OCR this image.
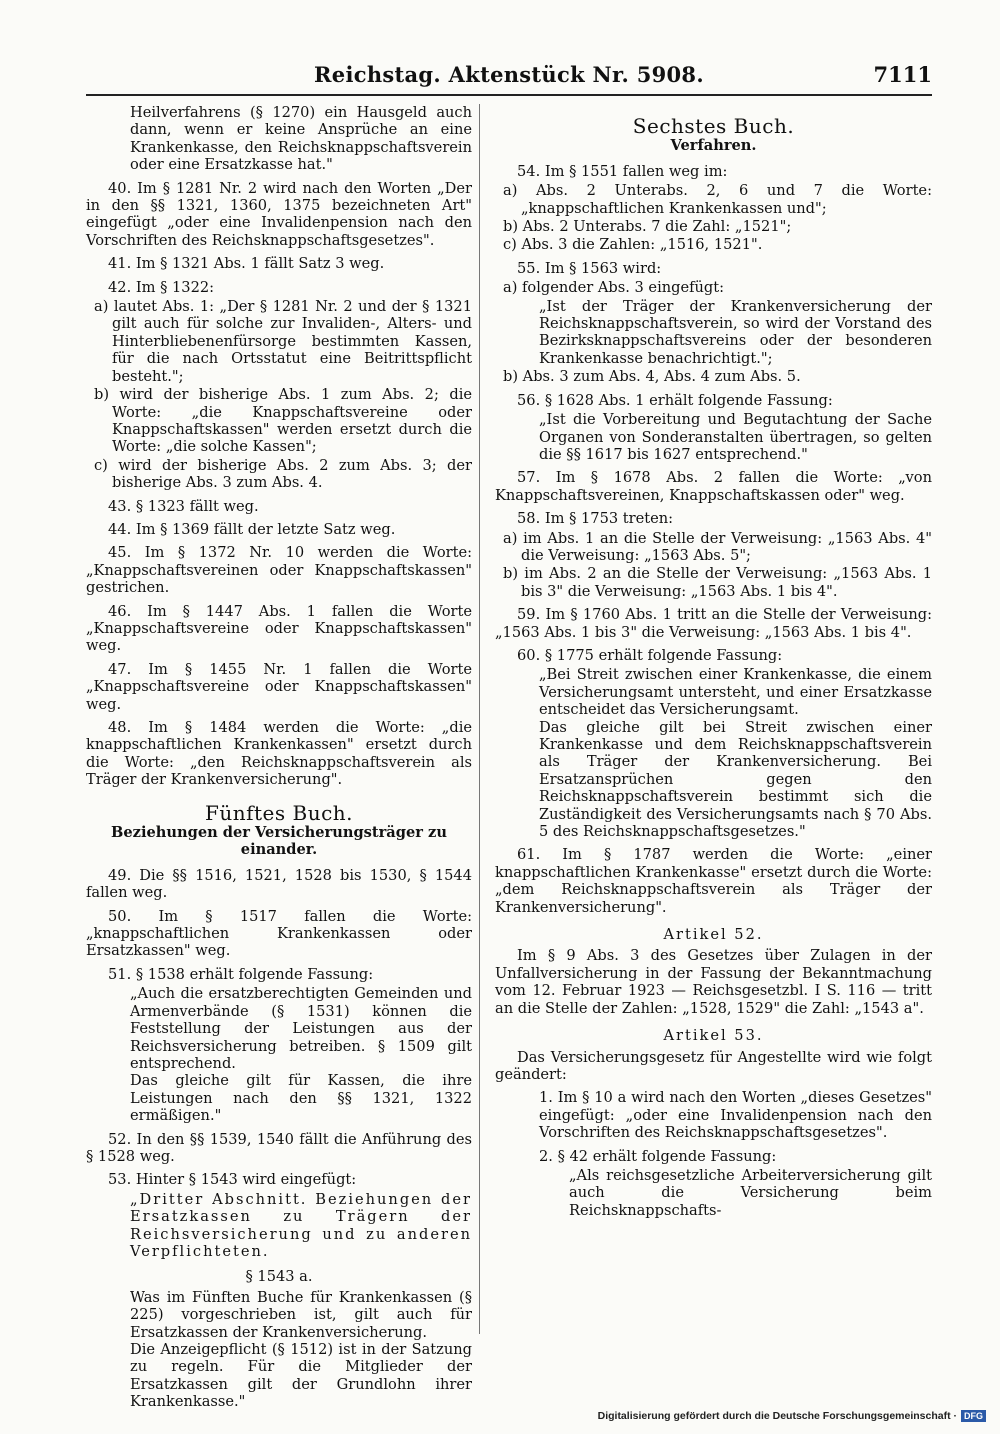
Reichstag. Aktenstück Nr. 5908.	7111

Heilverfahrens (§ 1270) ein Hausgeld auch dann, wenn er keine Ansprüche an eine Krankenkasse, den Reichsknappschaftsverein oder eine Ersatzkasse hat."

40. Im § 1281 Nr. 2 wird nach den Worten „Der in den §§ 1321, 1360, 1375 bezeichneten Art" eingefügt „oder eine Invalidenpension nach den Vorschriften des Reichsknappschaftsgesetzes".

41. Im § 1321 Abs. 1 fällt Satz 3 weg.

42. Im § 1322:

a) lautet Abs. 1: „Der § 1281 Nr. 2 und der § 1321 gilt auch für solche zur Invaliden-, Alters- und Hinterbliebenenfürsorge bestimmten Kassen, für die nach Ortsstatut eine Beitrittspflicht besteht.";

b) wird der bisherige Abs. 1 zum Abs. 2; die Worte: „die Knappschaftsvereine oder Knappschaftskassen" werden ersetzt durch die Worte: „die solche Kassen";

c) wird der bisherige Abs. 2 zum Abs. 3; der bisherige Abs. 3 zum Abs. 4.

43. § 1323 fällt weg.

44. Im § 1369 fällt der letzte Satz weg.

45. Im § 1372 Nr. 10 werden die Worte: „Knappschaftsvereinen oder Knappschaftskassen" gestrichen.

46. Im § 1447 Abs. 1 fallen die Worte „Knappschaftsvereine oder Knappschaftskassen" weg.

47. Im § 1455 Nr. 1 fallen die Worte „Knappschaftsvereine oder Knappschaftskassen" weg.

48. Im § 1484 werden die Worte: „die knappschaftlichen Krankenkassen" ersetzt durch die Worte: „den Reichsknappschaftsverein als Träger der Krankenversicherung".

Fünftes Buch.
Beziehungen der Versicherungsträger zu einander.

49. Die §§ 1516, 1521, 1528 bis 1530, § 1544 fallen weg.

50. Im § 1517 fallen die Worte: „knappschaftlichen Krankenkassen oder Ersatzkassen" weg.

51. § 1538 erhält folgende Fassung:

„Auch die ersatzberechtigten Gemeinden und Armenverbände (§ 1531) können die Feststellung der Leistungen aus der Reichsversicherung betreiben. § 1509 gilt entsprechend.

Das gleiche gilt für Kassen, die ihre Leistungen nach den §§ 1321, 1322 ermäßigen."

52. In den §§ 1539, 1540 fällt die Anführung des § 1528 weg.

53. Hinter § 1543 wird eingefügt:

„Dritter Abschnitt. Beziehungen der Ersatzkassen zu Trägern der Reichsversicherung und zu anderen Verpflichteten.

§ 1543 a.

Was im Fünften Buche für Krankenkassen (§ 225) vorgeschrieben ist, gilt auch für Ersatzkassen der Krankenversicherung.

Die Anzeigepflicht (§ 1512) ist in der Satzung zu regeln. Für die Mitglieder der Ersatzkassen gilt der Grundlohn ihrer Krankenkasse."

Sechstes Buch.
Verfahren.

54. Im § 1551 fallen weg im:

a) Abs. 2 Unterabs. 2, 6 und 7 die Worte: „knappschaftlichen Krankenkassen und";

b) Abs. 2 Unterabs. 7 die Zahl: „1521";

c) Abs. 3 die Zahlen: „1516, 1521".

55. Im § 1563 wird:

a) folgender Abs. 3 eingefügt:

„Ist der Träger der Krankenversicherung der Reichsknappschaftsverein, so wird der Vorstand des Bezirksknappschaftsvereins oder der besonderen Krankenkasse benachrichtigt.";

b) Abs. 3 zum Abs. 4, Abs. 4 zum Abs. 5.

56. § 1628 Abs. 1 erhält folgende Fassung:

„Ist die Vorbereitung und Begutachtung der Sache Organen von Sonderanstalten übertragen, so gelten die §§ 1617 bis 1627 entsprechend."

57. Im § 1678 Abs. 2 fallen die Worte: „von Knappschaftsvereinen, Knappschaftskassen oder" weg.

58. Im § 1753 treten:

a) im Abs. 1 an die Stelle der Verweisung: „1563 Abs. 4" die Verweisung: „1563 Abs. 5";

b) im Abs. 2 an die Stelle der Verweisung: „1563 Abs. 1 bis 3" die Verweisung: „1563 Abs. 1 bis 4".

59. Im § 1760 Abs. 1 tritt an die Stelle der Verweisung: „1563 Abs. 1 bis 3" die Verweisung: „1563 Abs. 1 bis 4".

60. § 1775 erhält folgende Fassung:

„Bei Streit zwischen einer Krankenkasse, die einem Versicherungsamt untersteht, und einer Ersatzkasse entscheidet das Versicherungsamt.

Das gleiche gilt bei Streit zwischen einer Krankenkasse und dem Reichsknappschaftsverein als Träger der Krankenversicherung. Bei Ersatzansprüchen gegen den Reichsknappschaftsverein bestimmt sich die Zuständigkeit des Versicherungsamts nach § 70 Abs. 5 des Reichsknappschaftsgesetzes."

61. Im § 1787 werden die Worte: „einer knappschaftlichen Krankenkasse" ersetzt durch die Worte: „dem Reichsknappschaftsverein als Träger der Krankenversicherung".

Artikel 52.

Im § 9 Abs. 3 des Gesetzes über Zulagen in der Unfallversicherung in der Fassung der Bekanntmachung vom 12. Februar 1923 — Reichsgesetzbl. I S. 116 — tritt an die Stelle der Zahlen: „1528, 1529" die Zahl: „1543 a".

Artikel 53.

Das Versicherungsgesetz für Angestellte wird wie folgt geändert:

1. Im § 10 a wird nach den Worten „dieses Gesetzes" eingefügt: „oder eine Invalidenpension nach den Vorschriften des Reichsknappschaftsgesetzes".

2. § 42 erhält folgende Fassung:

„Als reichsgesetzliche Arbeiterversicherung gilt auch die Versicherung beim Reichsknappschafts-

Digitalisierung gefördert durch die Deutsche Forschungsgemeinschaft · DFG
